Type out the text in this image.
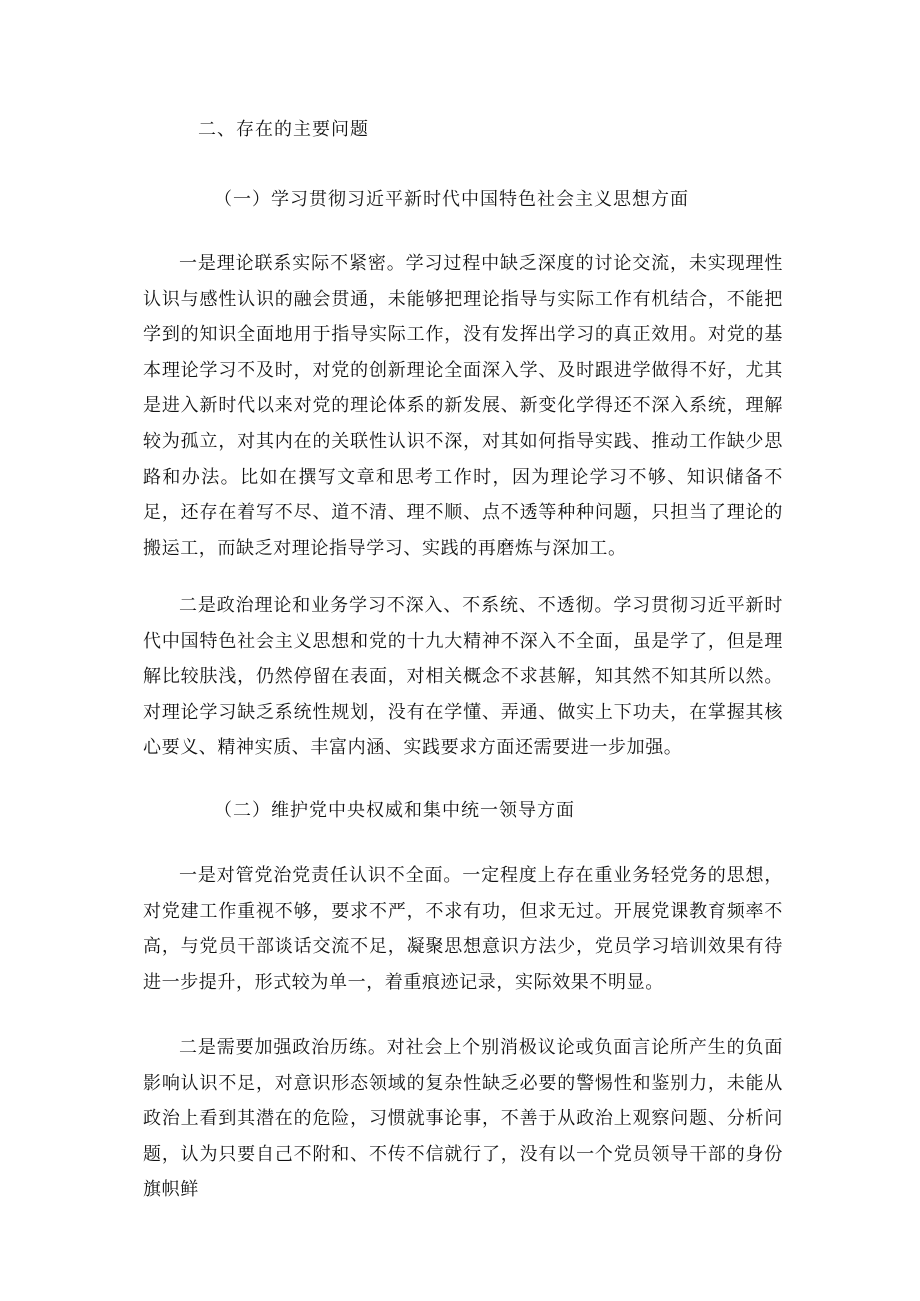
二、存在的主要问题
（一）学习贯彻习近平新时代中国特色社会主义思想方面

一是理论联系实际不紧密。学习过程中缺乏深度的讨论交流，未实现理性认识与感性认识的融会贯通，未能够把理论指导与实际工作有机结合，不能把学到的知识全面地用于指导实际工作，没有发挥出学习的真正效用。对党的基本理论学习不及时，对党的创新理论全面深入学、及时跟进学做得不好，尤其是进入新时代以来对党的理论体系的新发展、新变化学得还不深入系统，理解较为孤立，对其内在的关联性认识不深，对其如何指导实践、推动工作缺少思路和办法。比如在撰写文章和思考工作时，因为理论学习不够、知识储备不足，还存在着写不尽、道不清、理不顺、点不透等种种问题，只担当了理论的搬运工，而缺乏对理论指导学习、实践的再磨炼与深加工。

二是政治理论和业务学习不深入、不系统、不透彻。学习贯彻习近平新时代中国特色社会主义思想和党的十九大精神不深入不全面，虽是学了，但是理解比较肤浅，仍然停留在表面，对相关概念不求甚解，知其然不知其所以然。对理论学习缺乏系统性规划，没有在学懂、弄通、做实上下功夫，在掌握其核心要义、精神实质、丰富内涵、实践要求方面还需要进一步加强。

（二）维护党中央权威和集中统一领导方面

一是对管党治党责任认识不全面。一定程度上存在重业务轻党务的思想，对党建工作重视不够，要求不严，不求有功，但求无过。开展党课教育频率不高，与党员干部谈话交流不足，凝聚思想意识方法少，党员学习培训效果有待进一步提升，形式较为单一，着重痕迹记录，实际效果不明显。

二是需要加强政治历练。对社会上个别消极议论或负面言论所产生的负面影响认识不足，对意识形态领域的复杂性缺乏必要的警惕性和鉴别力，未能从政治上看到其潜在的危险，习惯就事论事，不善于从政治上观察问题、分析问题，认为只要自己不附和、不传不信就行了，没有以一个党员领导干部的身份旗帜鲜
